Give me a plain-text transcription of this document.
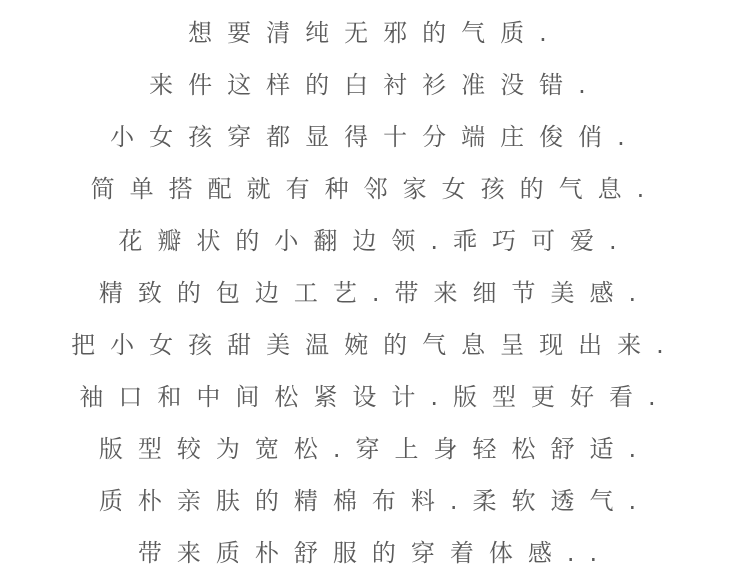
想要清纯无邪的气质.
来件这样的白衬衫准没错.
小女孩穿都显得十分端庄俊俏.
简单搭配就有种邻家女孩的气息.
花瓣状的小翻边领.乖巧可爱.
精致的包边工艺.带来细节美感.
把小女孩甜美温婉的气息呈现出来.
袖口和中间松紧设计.版型更好看.
版型较为宽松.穿上身轻松舒适.
质朴亲肤的精棉布料.柔软透气.
带来质朴舒服的穿着体感..
